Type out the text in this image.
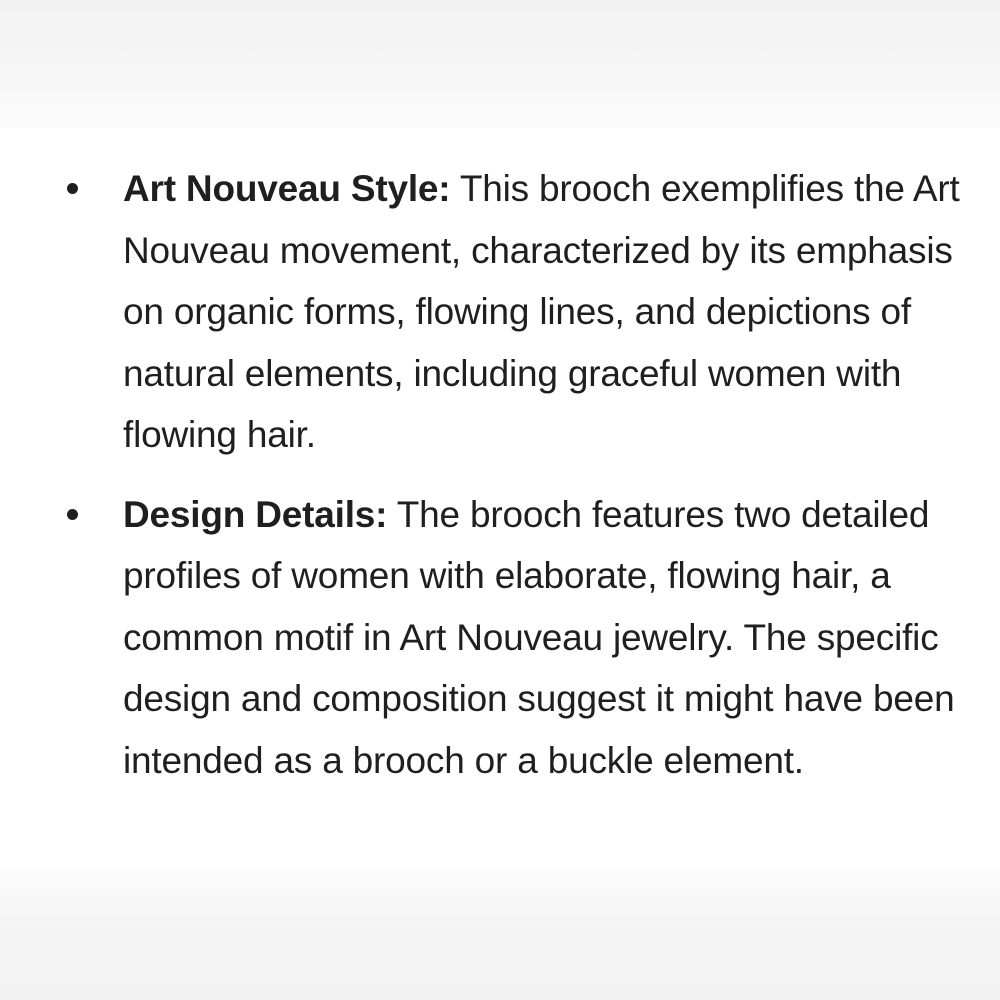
Art Nouveau Style: This brooch exemplifies the Art Nouveau movement, characterized by its emphasis on organic forms, flowing lines, and depictions of natural elements, including graceful women with flowing hair.
Design Details: The brooch features two detailed profiles of women with elaborate, flowing hair, a common motif in Art Nouveau jewelry. The specific design and composition suggest it might have been intended as a brooch or a buckle element.
